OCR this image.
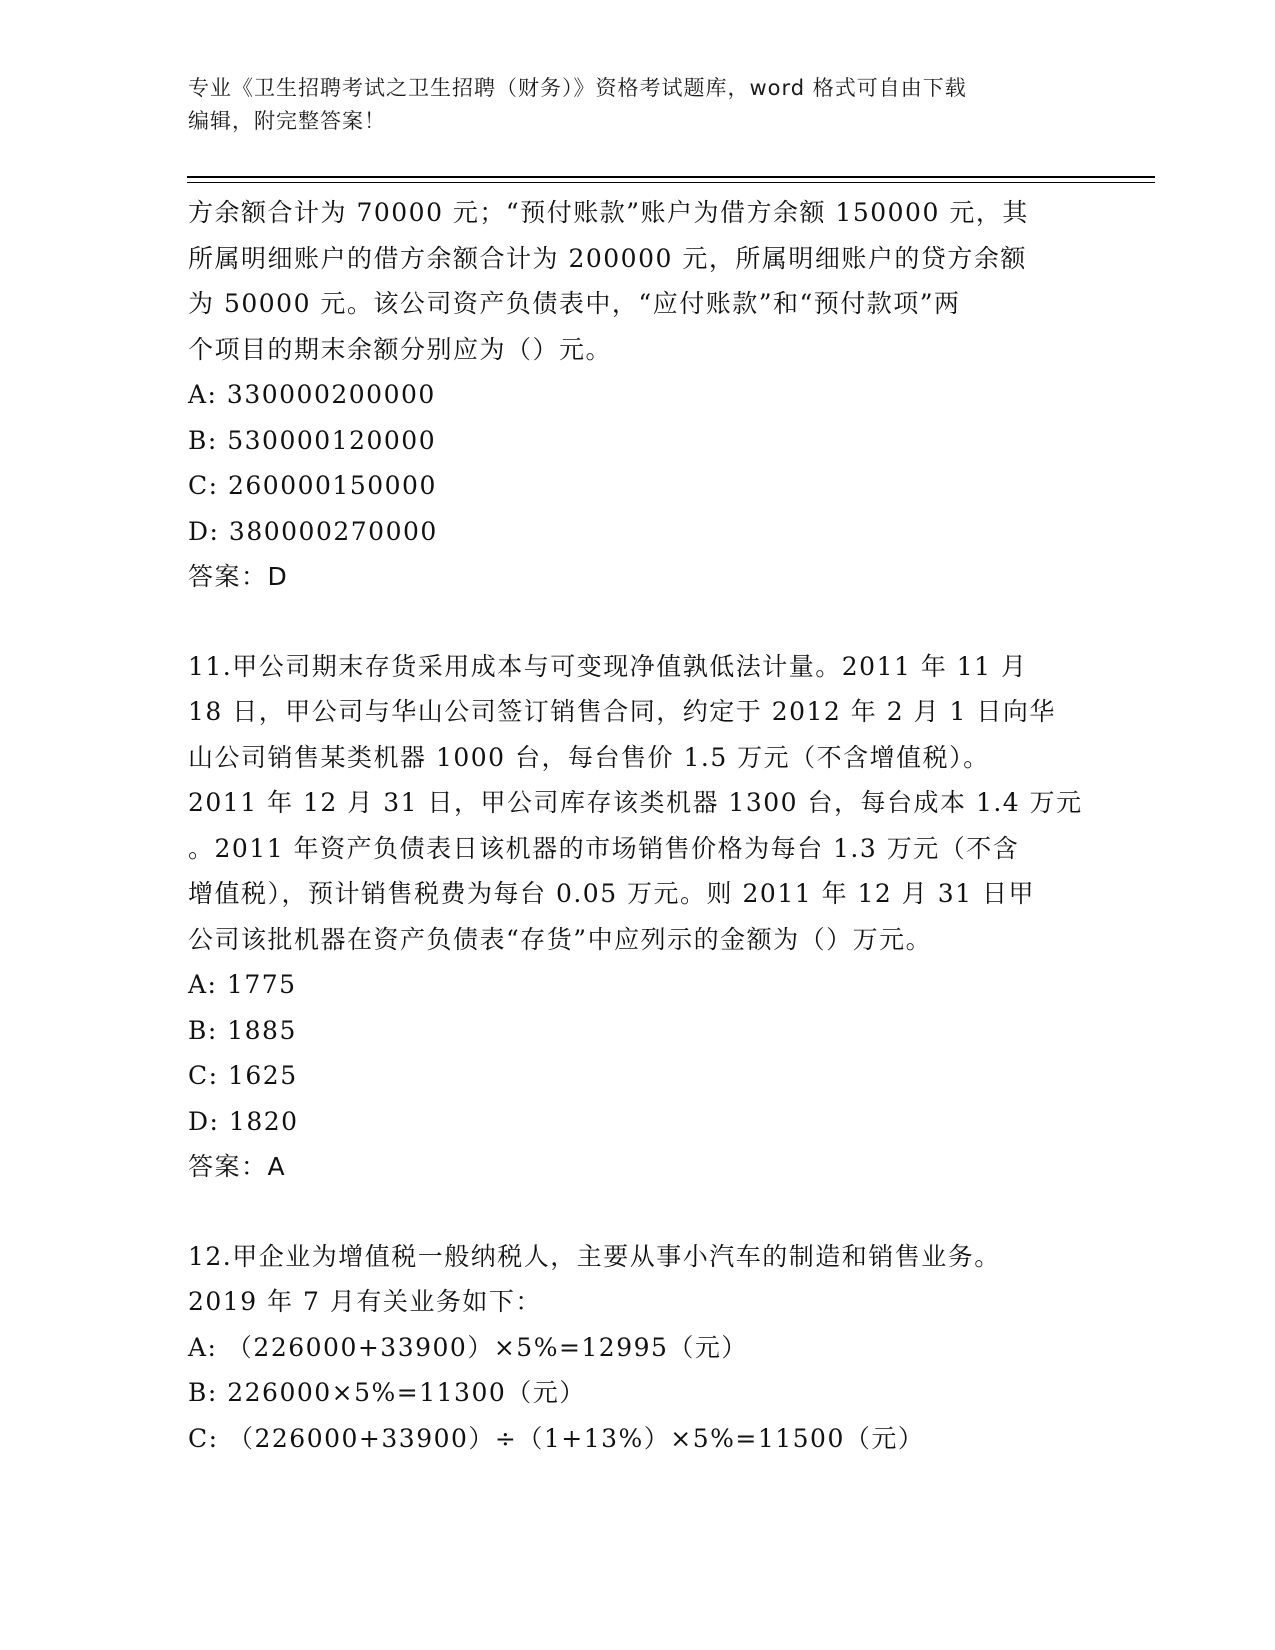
专业《卫生招聘考试之卫生招聘（财务）》资格考试题库，word 格式可自由下载
编辑，附完整答案！
方余额合计为 70000 元；“预付账款”账户为借方余额 150000 元，其
所属明细账户的借方余额合计为 200000 元，所属明细账户的贷方余额
为 50000 元。该公司资产负债表中，“应付账款”和“预付款项”两
个项目的期末余额分别应为（）元。
A: 330000200000
B: 530000120000
C: 260000150000
D: 380000270000
答案：D
11.甲公司期末存货采用成本与可变现净值孰低法计量。2011 年 11 月
18 日，甲公司与华山公司签订销售合同，约定于 2012 年 2 月 1 日向华
山公司销售某类机器 1000 台，每台售价 1.5 万元（不含增值税）。
2011 年 12 月 31 日，甲公司库存该类机器 1300 台，每台成本 1.4 万元
。2011 年资产负债表日该机器的市场销售价格为每台 1.3 万元（不含
增值税），预计销售税费为每台 0.05 万元。则 2011 年 12 月 31 日甲
公司该批机器在资产负债表“存货”中应列示的金额为（）万元。
A: 1775
B: 1885
C: 1625
D: 1820
答案：A
12.甲企业为增值税一般纳税人，主要从事小汽车的制造和销售业务。
2019 年 7 月有关业务如下：
A: （226000+33900）×5%=12995（元）
B: 226000×5%=11300（元）
C: （226000+33900）÷（1+13%）×5%=11500（元）
